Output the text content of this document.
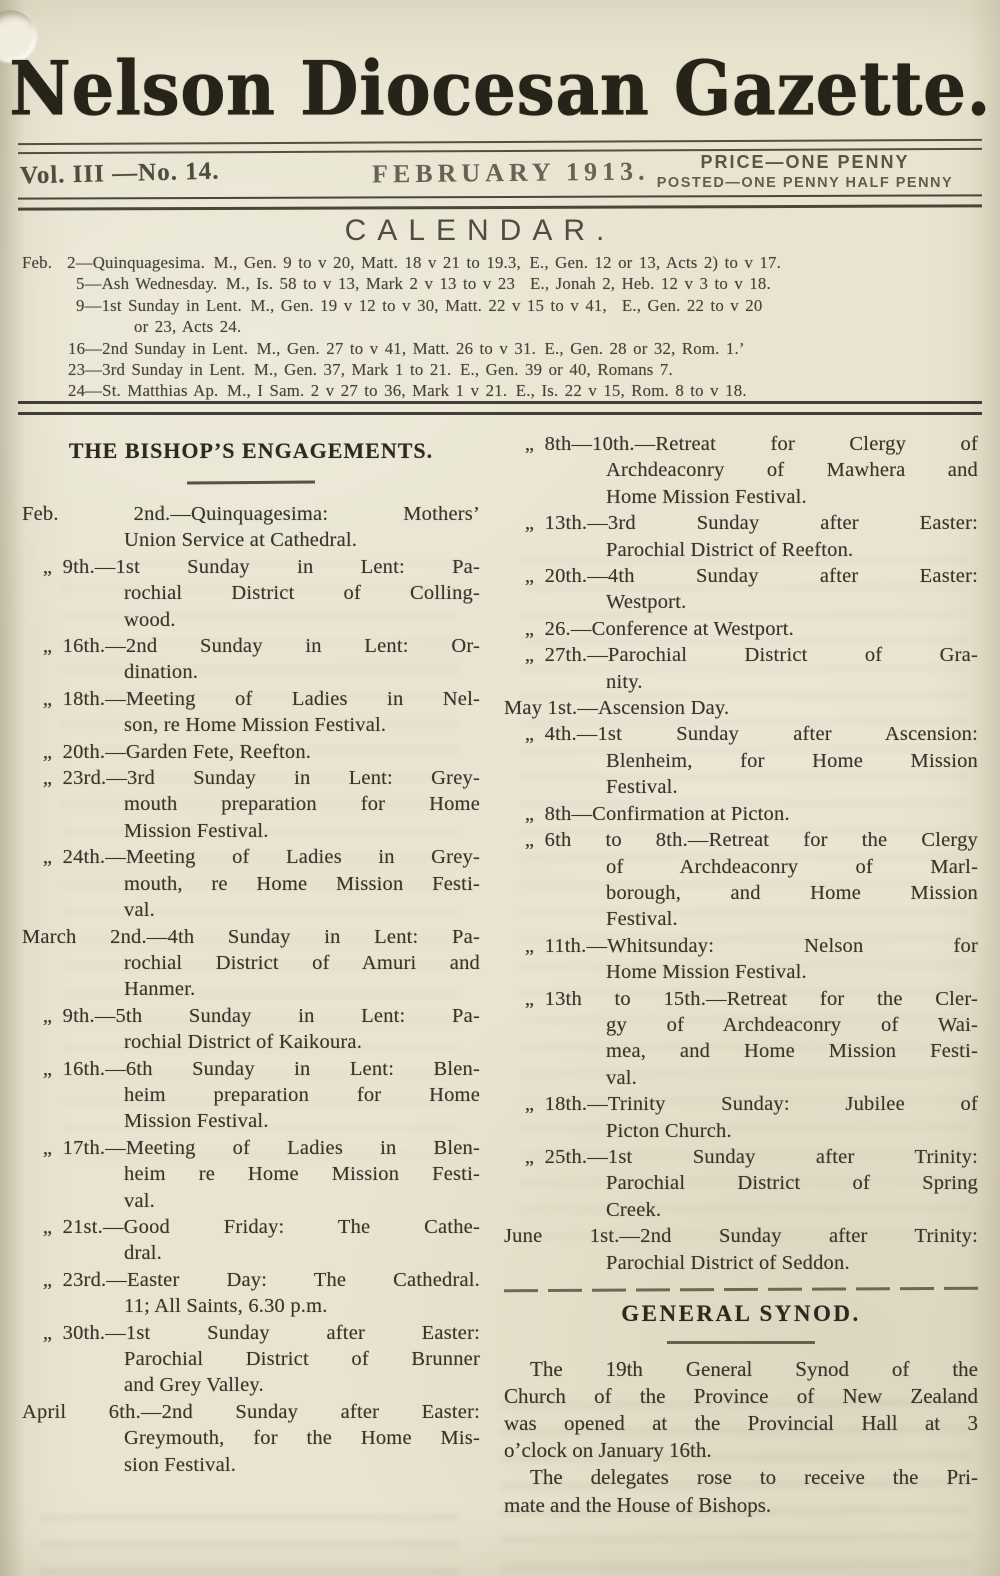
Nelson Diocesan Gazette.
Vol. III —No. 14.	FEBRUARY 1913.	PRICE—ONE PENNY
POSTED—ONE PENNY HALF PENNY
CALENDAR.
Feb.  2—Quinquagesima. M., Gen. 9 to v 20, Matt. 18 v 21 to 19.3, E., Gen. 12 or 13, Acts 2) to v 17.
5—Ash Wednesday. M., Is. 58 to v 13, Mark 2 v 13 to v 23  E., Jonah 2, Heb. 12 v 3 to v 18.
9—1st Sunday in Lent. M., Gen. 19 v 12 to v 30, Matt. 22 v 15 to v 41,  E., Gen. 22 to v 20
or 23, Acts 24.
16—2nd Sunday in Lent. M., Gen. 27 to v 41, Matt. 26 to v 31. E., Gen. 28 or 32, Rom. 1.’
23—3rd Sunday in Lent. M., Gen. 37, Mark 1 to 21. E., Gen. 39 or 40, Romans 7.
24—St. Matthias Ap. M., I Sam. 2 v 27 to 36, Mark 1 v 21. E., Is. 22 v 15, Rom. 8 to v 18.
THE BISHOP’S ENGAGEMENTS.
Feb. 2nd.—Quinquagesima: Mothers’
Union Service at Cathedral.
  „ 9th.—1st Sunday in Lent: Pa-
rochial District of Colling-
wood.
  „ 16th.—2nd Sunday in Lent: Or-
dination.
  „ 18th.—Meeting of Ladies in Nel-
son, re Home Mission Festival.
  „ 20th.—Garden Fete, Reefton.
  „ 23rd.—3rd Sunday in Lent: Grey-
mouth preparation for Home
Mission Festival.
  „ 24th.—Meeting of Ladies in Grey-
mouth, re Home Mission Festi-
val.
March 2nd.—4th Sunday in Lent: Pa-
rochial District of Amuri and
Hanmer.
  „ 9th.—5th Sunday in Lent: Pa-
rochial District of Kaikoura.
  „ 16th.—6th Sunday in Lent: Blen-
heim preparation for Home
Mission Festival.
  „ 17th.—Meeting of Ladies in Blen-
heim re Home Mission Festi-
val.
  „ 21st.—Good Friday: The Cathe-
dral.
  „ 23rd.—Easter Day: The Cathedral.
11; All Saints, 6.30 p.m.
  „ 30th.—1st Sunday after Easter:
Parochial District of Brunner
and Grey Valley.
April 6th.—2nd Sunday after Easter:
Greymouth, for the Home Mis-
sion Festival.
  „ 8th—10th.—Retreat for Clergy of
Archdeaconry of Mawhera and
Home Mission Festival.
  „ 13th.—3rd Sunday after Easter:
Parochial District of Reefton.
  „ 20th.—4th Sunday after Easter:
Westport.
  „ 26.—Conference at Westport.
  „ 27th.—Parochial District of Gra-
nity.
May 1st.—Ascension Day.
  „ 4th.—1st Sunday after Ascension:
Blenheim, for Home Mission
Festival.
  „ 8th—Confirmation at Picton.
  „ 6th to 8th.—Retreat for the Clergy
of Archdeaconry of Marl-
borough, and Home Mission
Festival.
  „ 11th.—Whitsunday: Nelson for
Home Mission Festival.
  „ 13th to 15th.—Retreat for the Cler-
gy of Archdeaconry of Wai-
mea, and Home Mission Festi-
val.
  „ 18th.—Trinity Sunday: Jubilee of
Picton Church.
  „ 25th.—1st Sunday after Trinity:
Parochial District of Spring
Creek.
June 1st.—2nd Sunday after Trinity:
Parochial District of Seddon.
GENERAL SYNOD.
The 19th General Synod of the
Church of the Province of New Zealand
was opened at the Provincial Hall at 3
o’clock on January 16th.
The delegates rose to receive the Pri-
mate and the House of Bishops.
